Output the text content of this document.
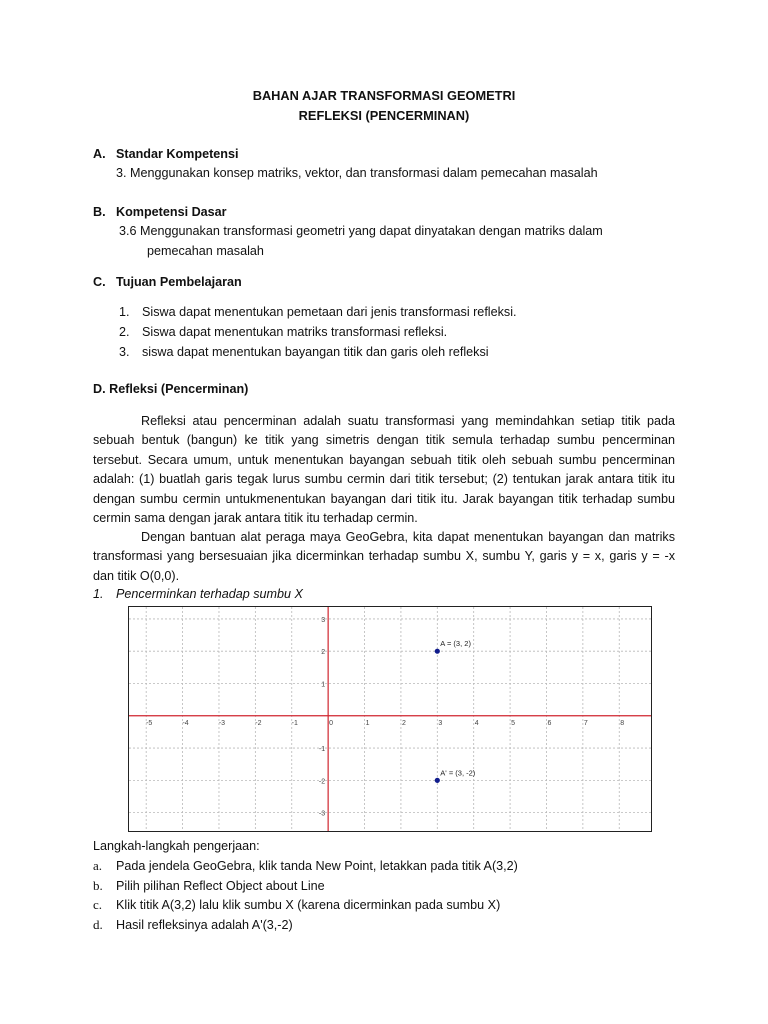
BAHAN AJAR TRANSFORMASI GEOMETRI
REFLEKSI (PENCERMINAN)
A. Standar Kompetensi
3. Menggunakan konsep matriks, vektor, dan transformasi dalam pemecahan masalah
B. Kompetensi Dasar
3.6 Menggunakan transformasi geometri yang dapat dinyatakan dengan matriks dalam
pemecahan masalah
C. Tujuan Pembelajaran
1. Siswa dapat menentukan pemetaan dari jenis transformasi refleksi.
2. Siswa dapat menentukan matriks transformasi refleksi.
3. siswa dapat menentukan bayangan titik dan garis oleh refleksi
D. Refleksi (Pencerminan)
Refleksi atau pencerminan adalah suatu transformasi yang memindahkan setiap titik pada sebuah bentuk (bangun) ke titik yang simetris dengan titik semula terhadap sumbu pencerminan tersebut. Secara umum, untuk menentukan bayangan sebuah titik oleh sebuah sumbu pencerminan adalah: (1) buatlah garis tegak lurus sumbu cermin dari titik tersebut; (2) tentukan jarak antara titik itu dengan sumbu cermin untukmenentukan bayangan dari titik itu. Jarak bayangan titik terhadap sumbu cermin sama dengan jarak antara titik itu terhadap cermin.
Dengan bantuan alat peraga maya GeoGebra, kita dapat menentukan bayangan dan matriks transformasi yang bersesuaian jika dicerminkan terhadap sumbu X, sumbu Y, garis y = x, garis y = -x dan titik O(0,0).
1. Pencerminkan terhadap sumbu X
-5	-4	-3	-2	-1	0	1	2	3	4	5	6	7	8
-3
-2
-1
1
2
3
A = (3, 2)
A' = (3, -2)
Langkah-langkah pengerjaan:
a. Pada jendela GeoGebra, klik tanda New Point, letakkan pada titik A(3,2)
b. Pilih pilihan Reflect Object about Line
c. Klik titik A(3,2) lalu klik sumbu X (karena dicerminkan pada sumbu X)
d. Hasil refleksinya adalah A'(3,-2)
